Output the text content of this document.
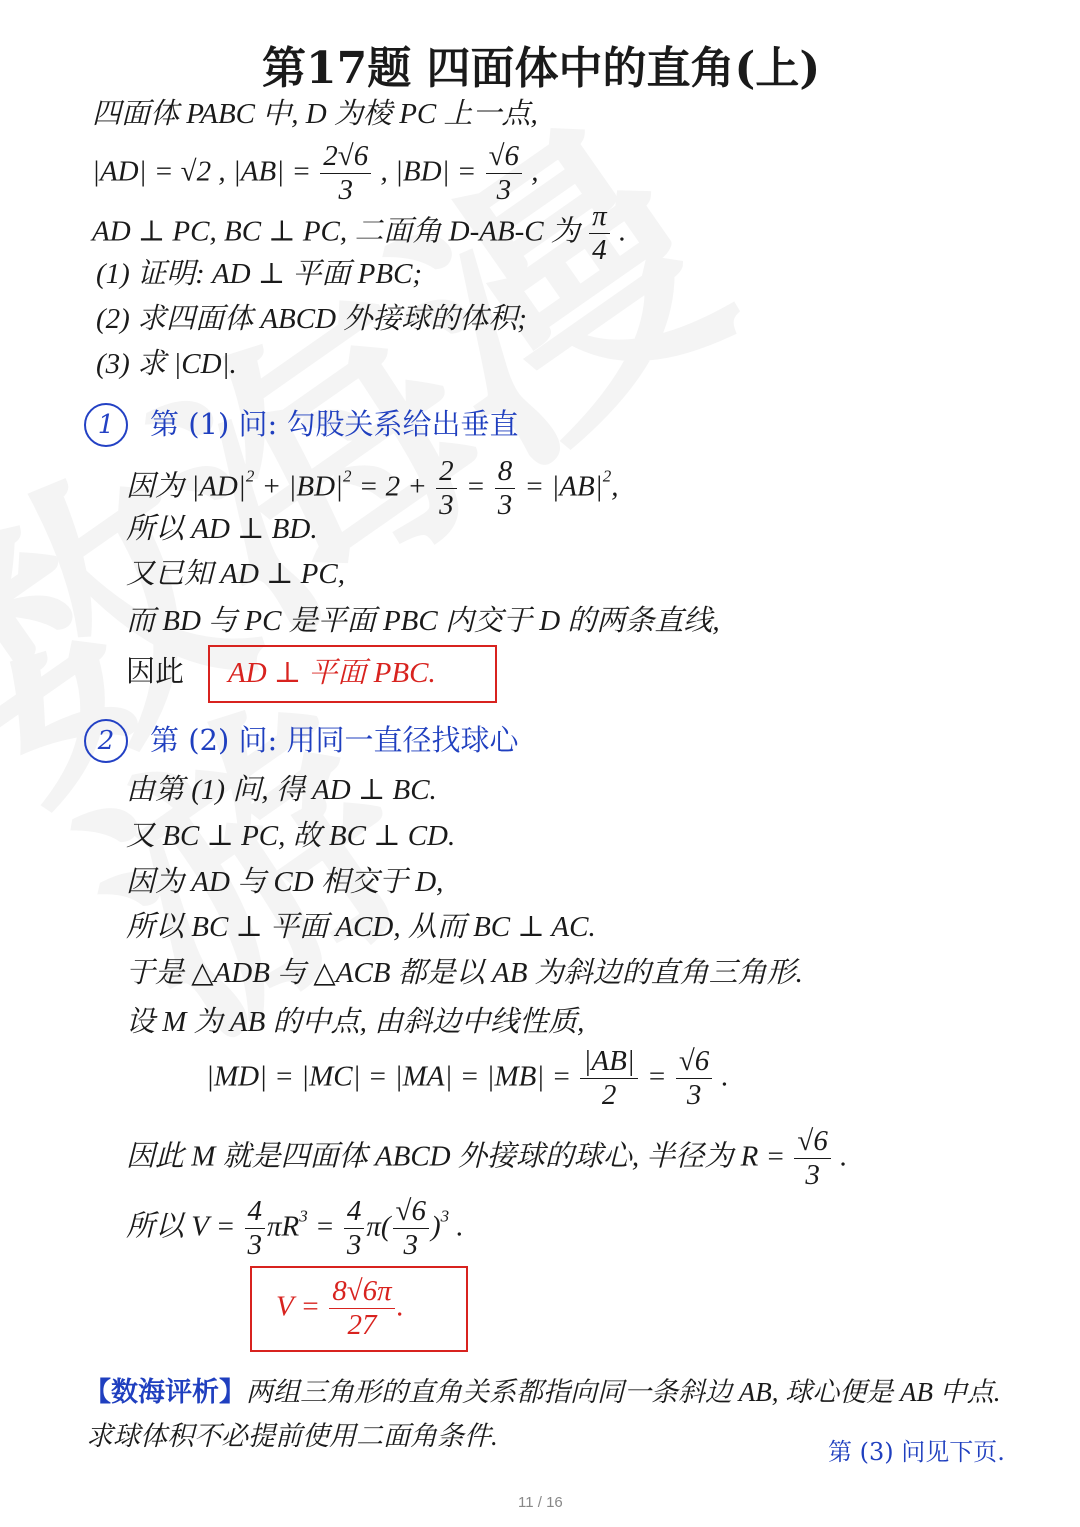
第17题 四面体中的直角(上)
四面体 PABC 中, D 为棱 PC 上一点,
|AD| = √2 , $|AB| = \frac{2√6}{3}$ , $|BD| = \frac{√6}{3}$ ,
AD ⊥ PC, BC ⊥ PC, 二面角 D-AB-C 为 $\frac{\pi}{4}$ .
(1) 证明: AD ⊥ 平面 PBC;
(2) 求四面体 ABCD 外接球的体积;
(3) 求 |CD|.
1	第 (1) 问: 勾股关系给出垂直
因为 $|AD|^2 + |BD|^2 = 2 + \frac{2}{3} = \frac{8}{3} = |AB|^2$,
所以 AD ⊥ BD.
又已知 AD ⊥ PC,
而 BD 与 PC 是平面 PBC 内交于 D 的两条直线,
因此 AD ⊥ 平面 PBC.
2	第 (2) 问: 用同一直径找球心
由第 (1) 问, 得 AD ⊥ BC.
又 BC ⊥ PC, 故 BC ⊥ CD.
因为 AD 与 CD 相交于 D,
所以 BC ⊥ 平面 ACD, 从而 BC ⊥ AC.
于是 △ADB 与 △ACB 都是以 AB 为斜边的直角三角形.
设 M 为 AB 的中点, 由斜边中线性质,
$|MD| = |MC| = |MA| = |MB| = \frac{|AB|}{2} = \frac{√6}{3}$ .
因此 M 就是四面体 ABCD 外接球的球心, 半径为 $R = \frac{√6}{3}$ .
所以 $V = \frac{4}{3} \pi R^3 = \frac{4}{3} \pi( \frac{√6}{3} )^3$ .
$V = \frac{8√6\pi}{27}$ .
【数海评析】两组三角形的直角关系都指向同一条斜边 AB, 球心便是 AB 中点.
求球体积不必提前使用二面角条件.
第 (3) 问见下页.
11 / 16
